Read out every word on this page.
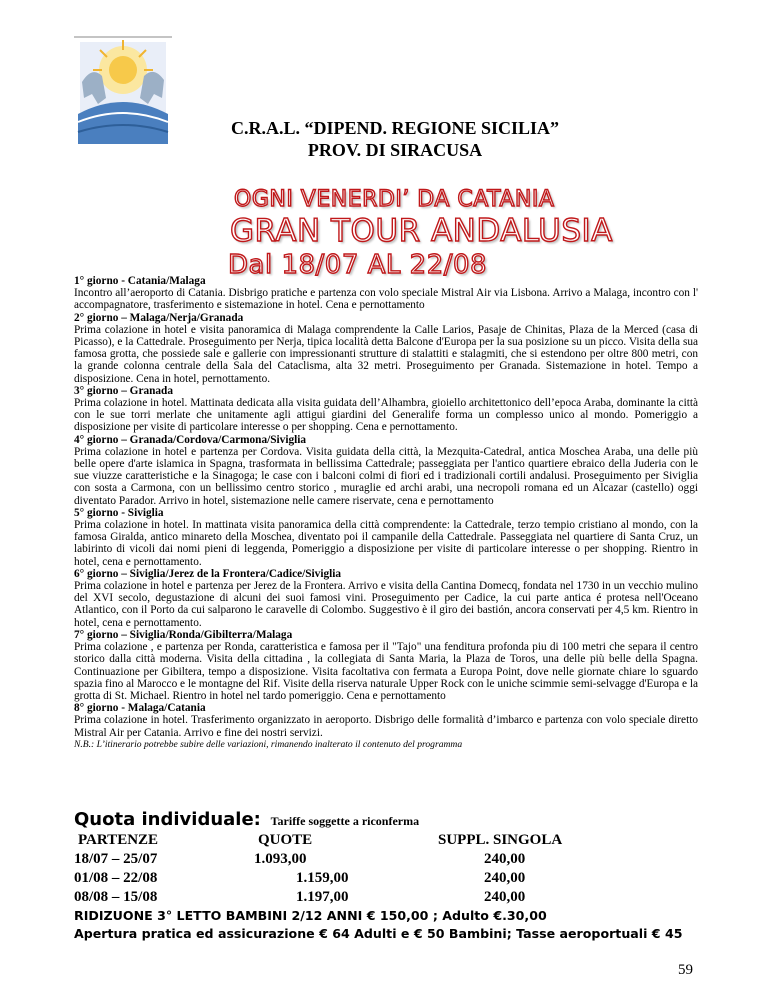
C.R.A.L. “DIPEND. REGIONE SICILIA”
PROV. DI SIRACUSA
OGNI VENERDI’ DA CATANIA
GRAN TOUR ANDALUSIA
Dal 18/07 AL 22/08

1° giorno - Catania/Malaga

Incontro all’aeroporto di Catania. Disbrigo pratiche e partenza con volo speciale Mistral Air via Lisbona. Arrivo a Malaga, incontro con l' accompagnatore, trasferimento e sistemazione in hotel. Cena e pernottamento

2° giorno – Malaga/Nerja/Granada

Prima colazione in hotel e visita panoramica di Malaga comprendente la Calle Larios, Pasaje de Chinitas, Plaza de la Merced (casa di Picasso), e la Cattedrale. Proseguimento per Nerja, tipica località detta Balcone d'Europa per la sua posizione su un picco. Visita della sua famosa grotta, che possiede sale e gallerie con impressionanti strutture di stalattiti e stalagmiti, che si estendono per oltre 800 metri, con la grande colonna centrale della Sala del Cataclisma, alta 32 metri. Proseguimento per Granada. Sistemazione in hotel. Tempo a disposizione. Cena in hotel, pernottamento.

3° giorno – Granada

Prima colazione in hotel. Mattinata dedicata alla visita guidata dell’Alhambra, gioiello architettonico dell’epoca Araba, dominante la città con le sue torri merlate che unitamente agli attigui giardini del Generalife forma un complesso unico al mondo. Pomeriggio a disposizione per visite di particolare interesse o per shopping. Cena e pernottamento.

4° giorno – Granada/Cordova/Carmona/Siviglia

Prima colazione in hotel e partenza per Cordova. Visita guidata della città, la Mezquita-Catedral, antica Moschea Araba, una delle più belle opere d'arte islamica in Spagna, trasformata in bellissima Cattedrale; passeggiata per l'antico quartiere ebraico della Juderia con le sue viuzze caratteristiche e la Sinagoga; le case con i balconi colmi di fiori ed i tradizionali cortili andalusi. Proseguimento per Siviglia con sosta a Carmona, con un bellissimo centro storico , muraglie ed archi arabi, una necropoli romana ed un Alcazar (castello) oggi diventato Parador. Arrivo in hotel, sistemazione nelle camere riservate, cena e pernottamento

5° giorno - Siviglia

Prima colazione in hotel. In mattinata visita panoramica della città comprendente: la Cattedrale, terzo tempio cristiano al mondo, con la famosa Giralda, antico minareto della Moschea, diventato poi il campanile della Cattedrale. Passeggiata nel quartiere di Santa Cruz, un labirinto di vicoli dai nomi pieni di leggenda, Pomeriggio a disposizione per visite di particolare interesse o per shopping. Rientro in hotel, cena e pernottamento.

6° giorno – Siviglia/Jerez de la Frontera/Cadice/Siviglia

Prima colazione in hotel e partenza per Jerez de la Frontera. Arrivo e visita della Cantina Domecq, fondata nel 1730 in un vecchio mulino del XVI secolo, degustazione di alcuni dei suoi famosi vini. Proseguimento per Cadice, la cui parte antica é protesa nell'Oceano Atlantico, con il Porto da cui salparono le caravelle di Colombo. Suggestivo è il giro dei bastión, ancora conservati per 4,5 km. Rientro in hotel, cena e pernottamento.

7° giorno – Siviglia/Ronda/Gibilterra/Malaga

Prima colazione , e partenza per Ronda, caratteristica e famosa per il "Tajo" una fenditura profonda piu di 100 metri che separa il centro storico dalla città moderna. Visita della cittadina , la collegiata di Santa Maria, la Plaza de Toros, una delle più belle della Spagna. Continuazione per Gibiltera, tempo a disposizione. Visita facoltativa con fermata a Europa Point, dove nelle giornate chiare lo sguardo spazia fino al Marocco e le montagne del Rif. Visite della riserva naturale Upper Rock con le uniche scimmie semi-selvagge d'Europa e la grotta di St. Michael. Rientro in hotel nel tardo pomeriggio. Cena e pernottamento

8° giorno - Malaga/Catania

Prima colazione in hotel. Trasferimento organizzato in aeroporto. Disbrigo delle formalità d’imbarco e partenza con volo speciale diretto Mistral Air per Catania. Arrivo e fine dei nostri servizi.

N.B.: L’itinerario potrebbe subire delle variazioni, rimanendo inalterato il contenuto del programma

Quota individuale: Tariffe soggette a riconferma
PARTENZE	QUOTE	SUPPL. SINGOLA
18/07 – 25/07	1.093,00	240,00
01/08 – 22/08	1.159,00	240,00
08/08 – 15/08	1.197,00	240,00
RIDIZUONE 3° LETTO BAMBINI 2/12 ANNI € 150,00 ; Adulto €.30,00
Apertura pratica ed assicurazione € 64 Adulti e € 50 Bambini; Tasse aeroportuali € 45
59
